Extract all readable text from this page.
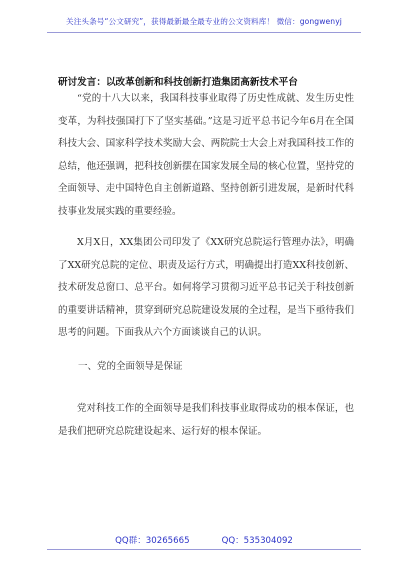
关注头条号“公文研究”，获得最新最全最专业的公文资料库！ 微信：gongwenyj
研讨发言：以改革创新和科技创新打造集团高新技术平台

“党的十八大以来，我国科技事业取得了历史性成就、发生历史性变革，为科技强国打下了坚实基础。”这是习近平总书记今年6月在全国科技大会、国家科学技术奖励大会、两院院士大会上对我国科技工作的总结，他还强调，把科技创新摆在国家发展全局的核心位置，坚持党的全面领导、走中国特色自主创新道路、坚持创新引进发展，是新时代科技事业发展实践的重要经验。

X月X日，XX集团公司印发了《XX研究总院运行管理办法》，明确了XX研究总院的定位、职责及运行方式，明确提出打造XX科技创新、技术研发总窗口、总平台。如何将学习贯彻习近平总书记关于科技创新的重要讲话精神，贯穿到研究总院建设发展的全过程，是当下亟待我们思考的问题。下面我从六个方面谈谈自己的认识。

一、党的全面领导是保证

党对科技工作的全面领导是我们科技事业取得成功的根本保证，也是我们把研究总院建设起来、运行好的根本保证。

QQ群：30265665	QQ：535304092
